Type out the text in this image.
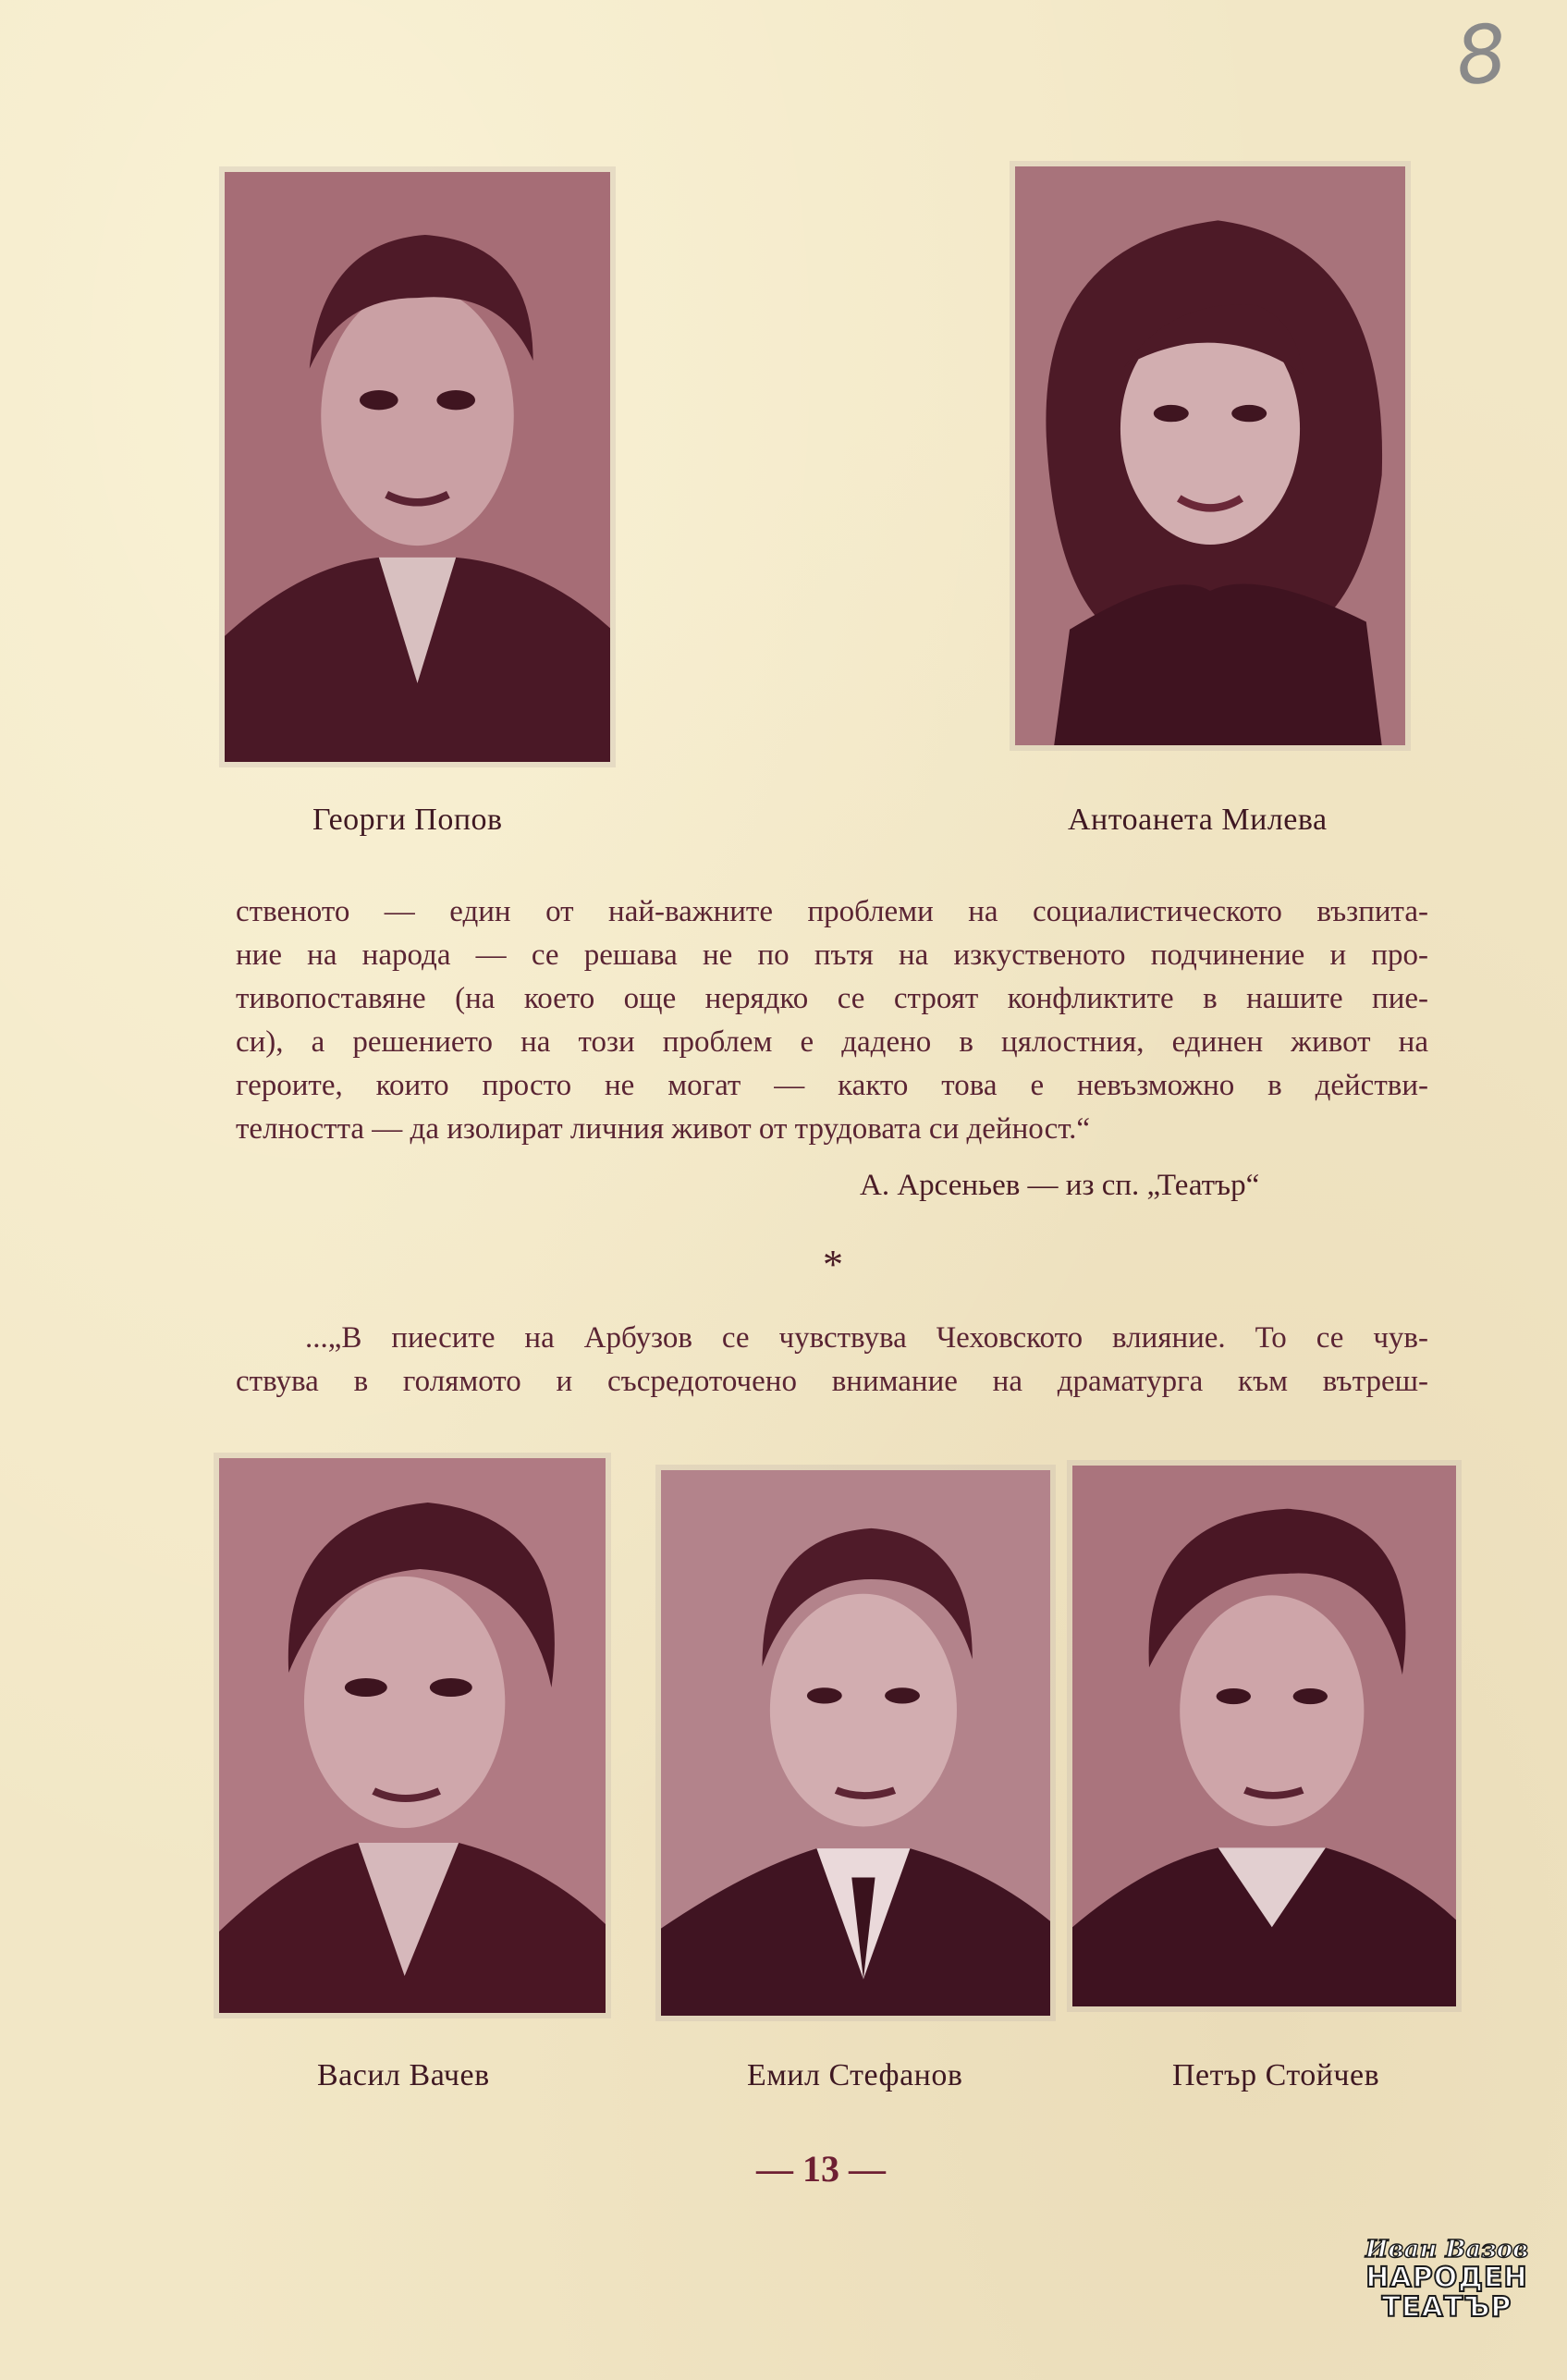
8
Георги Попов	Антоанета Милева
ственото — един от най-важните проблеми на социалистическото възпита-
ние на народа — се решава не по пътя на изкуственото подчинение и про-
тивопоставяне (на което още нерядко се строят конфликтите в нашите пие-
си), а решението на този проблем е дадено в цялостния, единен живот на
героите, които просто не могат — както това е невъзможно в действи-
телността — да изолират личния живот от трудовата си дейност.“
А. Арсеньев — из сп. „Театър“
*
...„В пиесите на Арбузов се чувствува Чеховското влияние. То се чув-
ствува в голямото и съсредоточено внимание на драматурга към вътреш-
Васил Вачев	Емил Стефанов	Петър Стойчев
— 13 —
Иван Вазов
НАРОДЕН
ТЕАТЪР
